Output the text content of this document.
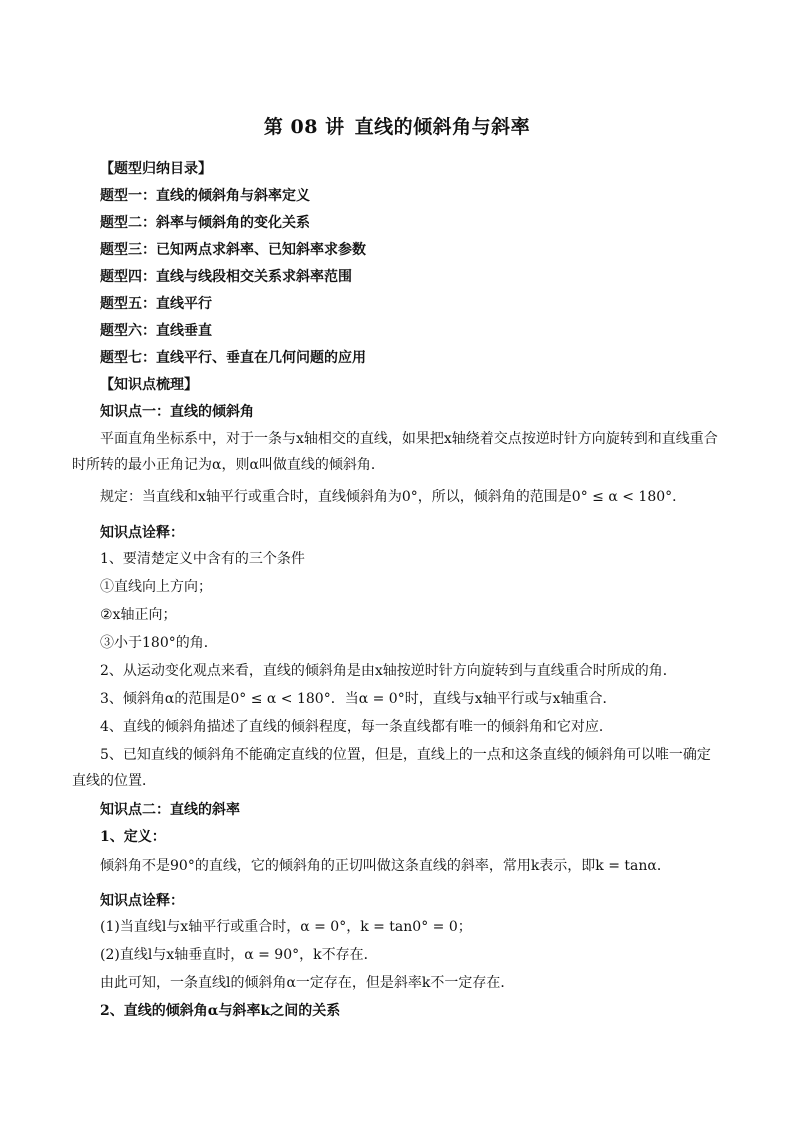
第 08 讲 直线的倾斜角与斜率
【题型归纳目录】
题型一：直线的倾斜角与斜率定义
题型二：斜率与倾斜角的变化关系
题型三：已知两点求斜率、已知斜率求参数
题型四：直线与线段相交关系求斜率范围
题型五：直线平行
题型六：直线垂直
题型七：直线平行、垂直在几何问题的应用
【知识点梳理】
知识点一：直线的倾斜角
平面直角坐标系中，对于一条与x轴相交的直线，如果把x轴绕着交点按逆时针方向旋转到和直线重合时所转的最小正角记为α，则α叫做直线的倾斜角．
规定：当直线和x轴平行或重合时，直线倾斜角为0°，所以，倾斜角的范围是0° ≤ α < 180°．
知识点诠释：
1、要清楚定义中含有的三个条件
①直线向上方向；
②x轴正向；
③小于180°的角．
2、从运动变化观点来看，直线的倾斜角是由x轴按逆时针方向旋转到与直线重合时所成的角．
3、倾斜角α的范围是0° ≤ α < 180°．当α = 0°时，直线与x轴平行或与x轴重合．
4、直线的倾斜角描述了直线的倾斜程度，每一条直线都有唯一的倾斜角和它对应．
5、已知直线的倾斜角不能确定直线的位置，但是，直线上的一点和这条直线的倾斜角可以唯一确定直线的位置．
知识点二：直线的斜率
1、定义：
倾斜角不是90°的直线，它的倾斜角的正切叫做这条直线的斜率，常用k表示，即k = tanα．
知识点诠释：
(1)当直线l与x轴平行或重合时，α = 0°，k = tan0° = 0；
(2)直线l与x轴垂直时，α = 90°，k不存在．
由此可知，一条直线l的倾斜角α一定存在，但是斜率k不一定存在．
2、直线的倾斜角α与斜率k之间的关系
